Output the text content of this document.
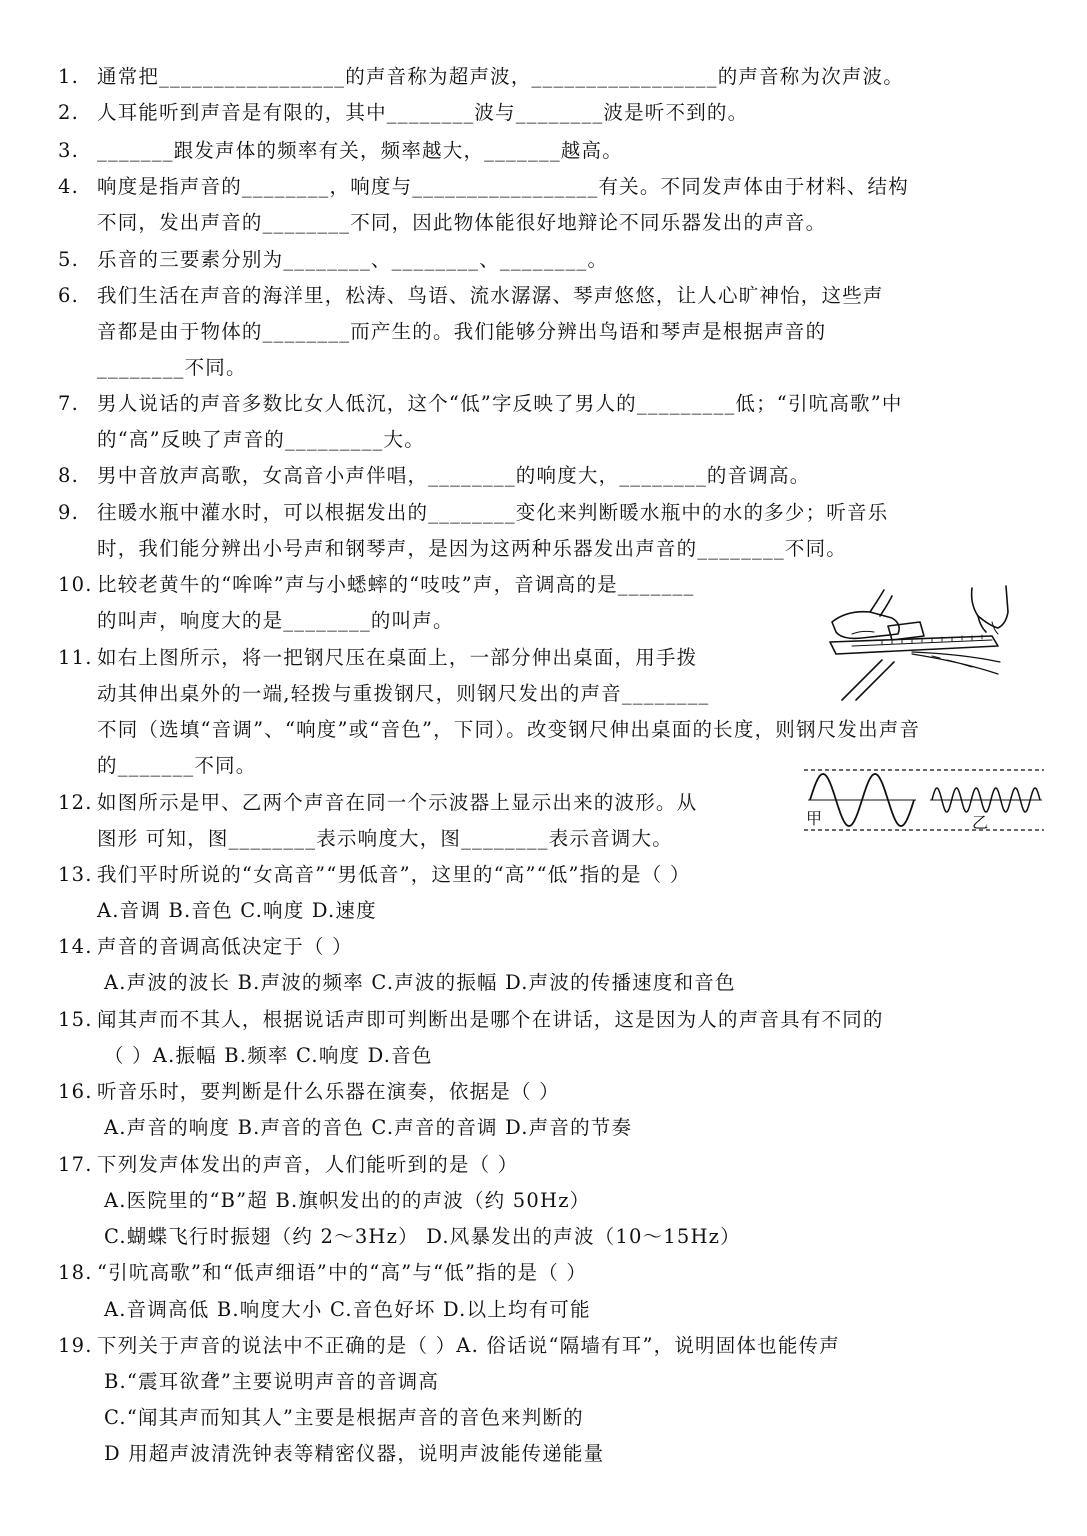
1. 通常把_________________的声音称为超声波，_________________的声音称为次声波。
2. 人耳能听到声音是有限的，其中________波与________波是听不到的。
3. _______跟发声体的频率有关，频率越大，_______越高。
4. 响度是指声音的________，响度与_________________有关。不同发声体由于材料、结构
不同，发出声音的________不同，因此物体能很好地辩论不同乐器发出的声音。
5. 乐音的三要素分别为________、________、________。
6. 我们生活在声音的海洋里，松涛、鸟语、流水潺潺、琴声悠悠，让人心旷神怡，这些声
音都是由于物体的________而产生的。我们能够分辨出鸟语和琴声是根据声音的
________不同。
7. 男人说话的声音多数比女人低沉，这个“低”字反映了男人的_________低；“引吭高歌”中
的“高”反映了声音的_________大。
8. 男中音放声高歌，女高音小声伴唱，________的响度大，________的音调高。
9. 往暖水瓶中灌水时，可以根据发出的________变化来判断暖水瓶中的水的多少；听音乐
时，我们能分辨出小号声和钢琴声，是因为这两种乐器发出声音的________不同。
10. 比较老黄牛的“哞哞”声与小蟋蟀的“吱吱”声，音调高的是_______
的叫声，响度大的是________的叫声。
11. 如右上图所示，将一把钢尺压在桌面上，一部分伸出桌面，用手拨
动其伸出桌外的一端,轻拨与重拨钢尺，则钢尺发出的声音________
不同（选填“音调”、“响度”或“音色”，下同）。改变钢尺伸出桌面的长度，则钢尺发出声音
的_______不同。
12. 如图所示是甲、乙两个声音在同一个示波器上显示出来的波形。从
图形 可知，图________表示响度大，图________表示音调大。
13. 我们平时所说的“女高音”“男低音”，这里的“高”“低”指的是（ ）
A.音调 B.音色 C.响度 D.速度
14. 声音的音调高低决定于（ ）
A.声波的波长 B.声波的频率 C.声波的振幅 D.声波的传播速度和音色
15. 闻其声而不其人，根据说话声即可判断出是哪个在讲话，这是因为人的声音具有不同的
（ ）A.振幅 B.频率 C.响度 D.音色
16. 听音乐时，要判断是什么乐器在演奏，依据是（ ）
A.声音的响度 B.声音的音色 C.声音的音调 D.声音的节奏
17. 下列发声体发出的声音，人们能听到的是（ ）
A.医院里的“B”超 B.旗帜发出的的声波（约 50Hz）
C.蝴蝶飞行时振翅（约 2～3Hz） D.风暴发出的声波（10～15Hz）
18. “引吭高歌”和“低声细语”中的“高”与“低”指的是（ ）
A.音调高低 B.响度大小 C.音色好坏 D.以上均有可能
19. 下列关于声音的说法中不正确的是（ ）A. 俗话说“隔墙有耳”，说明固体也能传声
B.“震耳欲聋”主要说明声音的音调高
C.“闻其声而知其人”主要是根据声音的音色来判断的
D 用超声波清洗钟表等精密仪器，说明声波能传递能量
甲	乙
